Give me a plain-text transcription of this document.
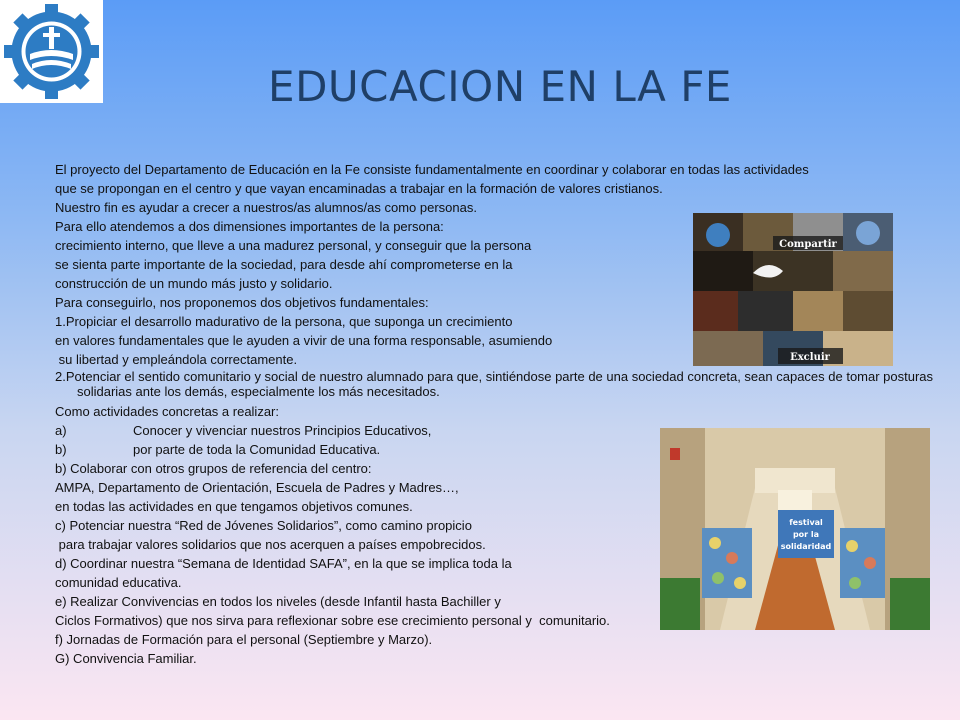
EDUCACION EN LA FE

El proyecto del Departamento de Educación en la Fe consiste fundamentalmente en coordinar y colaborar en todas las actividades

que se propongan en el centro y que vayan encaminadas a trabajar en la formación de valores cristianos.

Nuestro fin es ayudar a crecer a nuestros/as alumnos/as como personas.

Para ello atendemos a dos dimensiones importantes de la persona:

crecimiento interno, que lleve a una madurez personal, y conseguir que la persona

se sienta parte importante de la sociedad, para desde ahí comprometerse en la

construcción de un mundo más justo y solidario.

Para conseguirlo, nos proponemos dos objetivos fundamentales:

1.Propiciar el desarrollo madurativo de la persona, que suponga un crecimiento

en valores fundamentales que le ayuden a vivir de una forma responsable, asumiendo

su libertad y empleándola correctamente.

2.Potenciar el sentido comunitario y social de nuestro alumnado para que, sintiéndose parte de una sociedad concreta, sean capaces de tomar posturas solidarias ante los demás, especialmente los más necesitados.

Como actividades concretas a realizar:

a)	Conocer y vivenciar nuestros Principios Educativos,

b)	por parte de toda la Comunidad Educativa.

b) Colaborar con otros grupos de referencia del centro:

AMPA, Departamento de Orientación, Escuela de Padres y Madres…,

en todas las actividades en que tengamos objetivos comunes.

c) Potenciar nuestra “Red de Jóvenes Solidarios”, como camino propicio

para trabajar valores solidarios que nos acerquen a países empobrecidos.

d) Coordinar nuestra “Semana de Identidad SAFA”, en la que se implica toda la

comunidad educativa.

e) Realizar Convivencias en todos los niveles (desde Infantil hasta Bachiller y

Ciclos Formativos) que nos sirva para reflexionar sobre ese crecimiento personal y  comunitario.

f) Jornadas de Formación para el personal (Septiembre y Marzo).

G) Convivencia Familiar.

Compartir
Excluir
festival
por la
solidaridad
